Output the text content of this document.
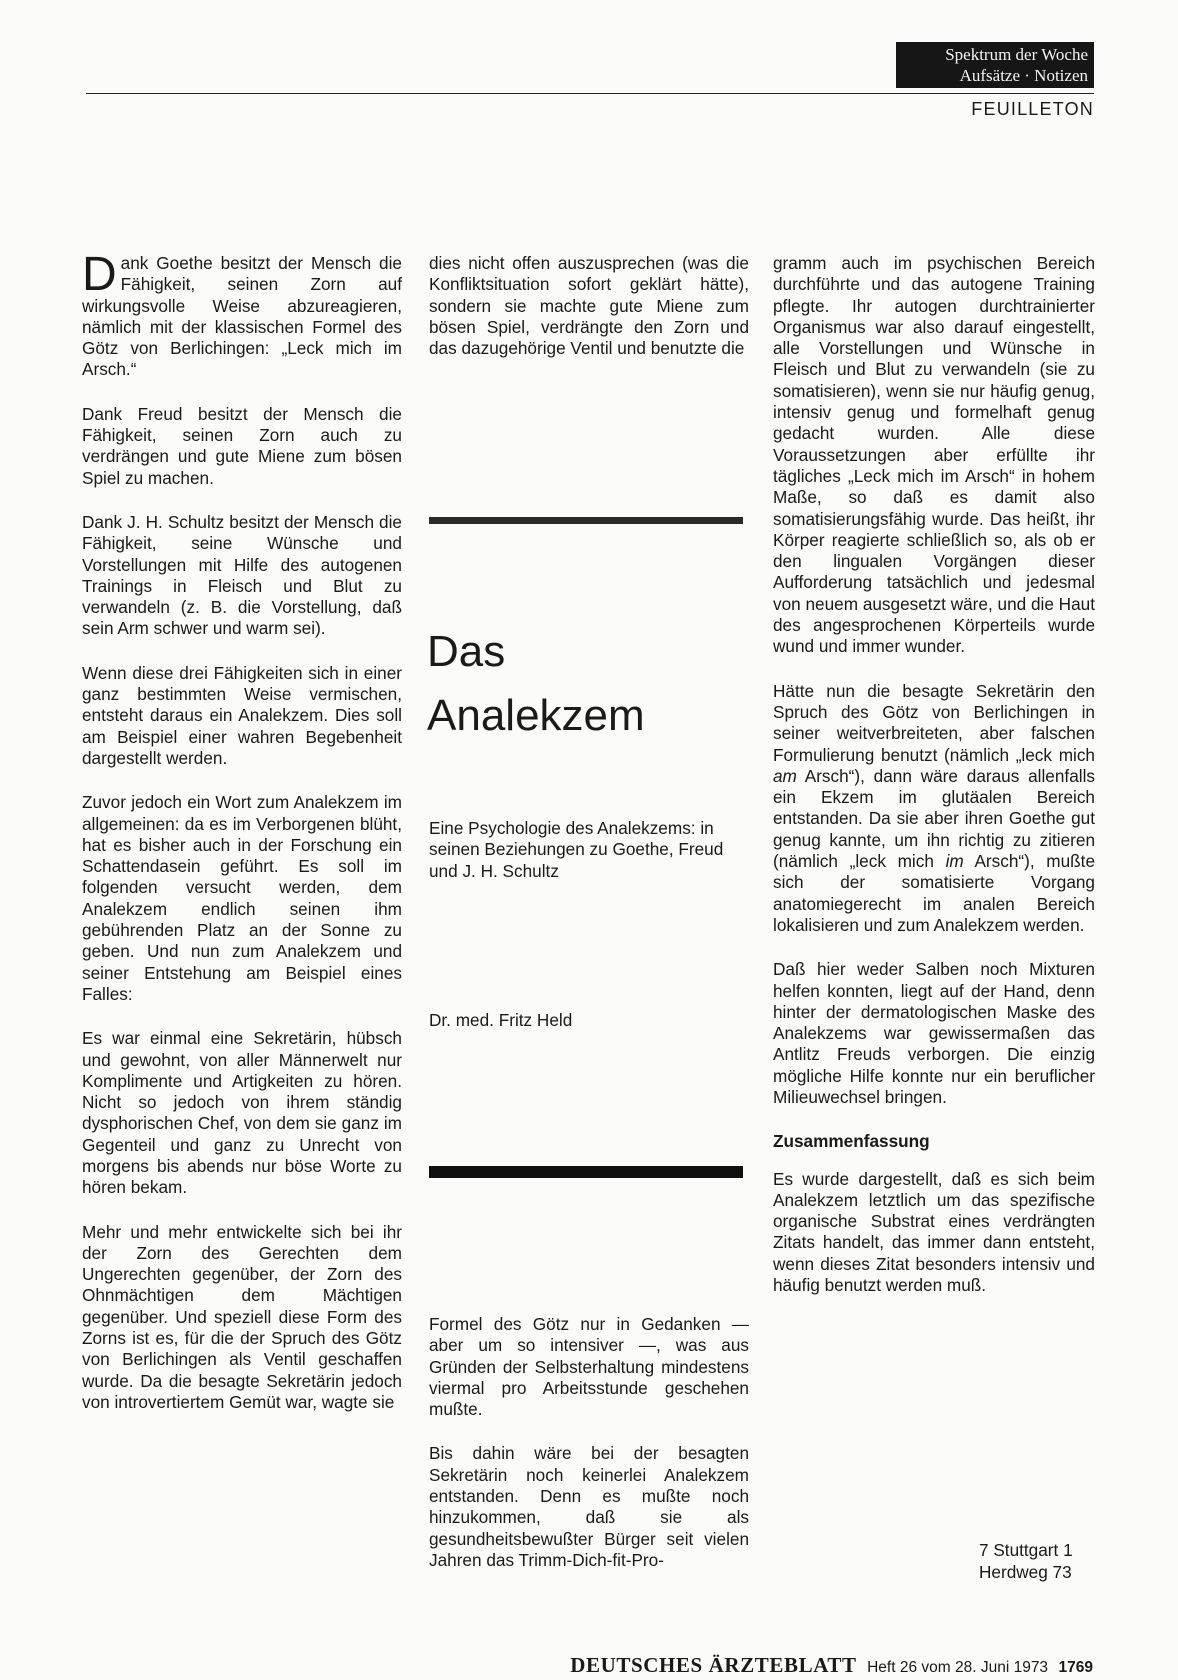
Spektrum der Woche
Aufsätze · Notizen
FEUILLETON

Dank Goethe besitzt der Mensch die Fähigkeit, seinen Zorn auf wirkungsvolle Weise abzureagieren, nämlich mit der klassischen Formel des Götz von Berlichingen: „Leck mich im Arsch.“

Dank Freud besitzt der Mensch die Fähigkeit, seinen Zorn auch zu verdrängen und gute Miene zum bösen Spiel zu machen.

Dank J. H. Schultz besitzt der Mensch die Fähigkeit, seine Wünsche und Vorstellungen mit Hilfe des autogenen Trainings in Fleisch und Blut zu verwandeln (z. B. die Vorstellung, daß sein Arm schwer und warm sei).

Wenn diese drei Fähigkeiten sich in einer ganz bestimmten Weise vermischen, entsteht daraus ein Analekzem. Dies soll am Beispiel einer wahren Begebenheit dargestellt werden.

Zuvor jedoch ein Wort zum Analekzem im allgemeinen: da es im Verborgenen blüht, hat es bisher auch in der Forschung ein Schattendasein geführt. Es soll im folgenden versucht werden, dem Analekzem endlich seinen ihm gebührenden Platz an der Sonne zu geben. Und nun zum Analekzem und seiner Entstehung am Beispiel eines Falles:

Es war einmal eine Sekretärin, hübsch und gewohnt, von aller Männerwelt nur Komplimente und Artigkeiten zu hören. Nicht so jedoch von ihrem ständig dysphorischen Chef, von dem sie ganz im Gegenteil und ganz zu Unrecht von morgens bis abends nur böse Worte zu hören bekam.

Mehr und mehr entwickelte sich bei ihr der Zorn des Gerechten dem Ungerechten gegenüber, der Zorn des Ohnmächtigen dem Mächtigen gegenüber. Und speziell diese Form des Zorns ist es, für die der Spruch des Götz von Berlichingen als Ventil geschaffen wurde. Da die besagte Sekretärin jedoch von introvertiertem Gemüt war, wagte sie

dies nicht offen auszusprechen (was die Konfliktsituation sofort geklärt hätte), sondern sie machte gute Miene zum bösen Spiel, verdrängte den Zorn und das dazugehörige Ventil und benutzte die

Das
Analekzem
Eine Psychologie des Analekzems: in seinen Beziehungen zu Goethe, Freud und J. H. Schultz
Dr. med. Fritz Held

Formel des Götz nur in Gedanken — aber um so intensiver —, was aus Gründen der Selbsterhaltung mindestens viermal pro Arbeitsstunde geschehen mußte.

Bis dahin wäre bei der besagten Sekretärin noch keinerlei Analekzem entstanden. Denn es mußte noch hinzukommen, daß sie als gesundheitsbewußter Bürger seit vielen Jahren das Trimm-Dich-fit-Pro-

gramm auch im psychischen Bereich durchführte und das autogene Training pflegte. Ihr autogen durchtrainierter Organismus war also darauf eingestellt, alle Vorstellungen und Wünsche in Fleisch und Blut zu verwandeln (sie zu somatisieren), wenn sie nur häufig genug, intensiv genug und formelhaft genug gedacht wurden. Alle diese Voraussetzungen aber erfüllte ihr tägliches „Leck mich im Arsch“ in hohem Maße, so daß es damit also somatisierungsfähig wurde. Das heißt, ihr Körper reagierte schließlich so, als ob er den lingualen Vorgängen dieser Aufforderung tatsächlich und jedesmal von neuem ausgesetzt wäre, und die Haut des angesprochenen Körperteils wurde wund und immer wunder.

Hätte nun die besagte Sekretärin den Spruch des Götz von Berlichingen in seiner weitverbreiteten, aber falschen Formulierung benutzt (nämlich „leck mich am Arsch“), dann wäre daraus allenfalls ein Ekzem im glutäalen Bereich entstanden. Da sie aber ihren Goethe gut genug kannte, um ihn richtig zu zitieren (nämlich „leck mich im Arsch“), mußte sich der somatisierte Vorgang anatomiegerecht im analen Bereich lokalisieren und zum Analekzem werden.

Daß hier weder Salben noch Mixturen helfen konnten, liegt auf der Hand, denn hinter der dermatologischen Maske des Analekzems war gewissermaßen das Antlitz Freuds verborgen. Die einzig mögliche Hilfe konnte nur ein beruflicher Milieuwechsel bringen.

Zusammenfassung

Es wurde dargestellt, daß es sich beim Analekzem letztlich um das spezifische organische Substrat eines verdrängten Zitats handelt, das immer dann entsteht, wenn dieses Zitat besonders intensiv und häufig benutzt werden muß.

7 Stuttgart 1
Herdweg 73
DEUTSCHES ÄRZTEBLATT Heft 26 vom 28. Juni 1973 1769
